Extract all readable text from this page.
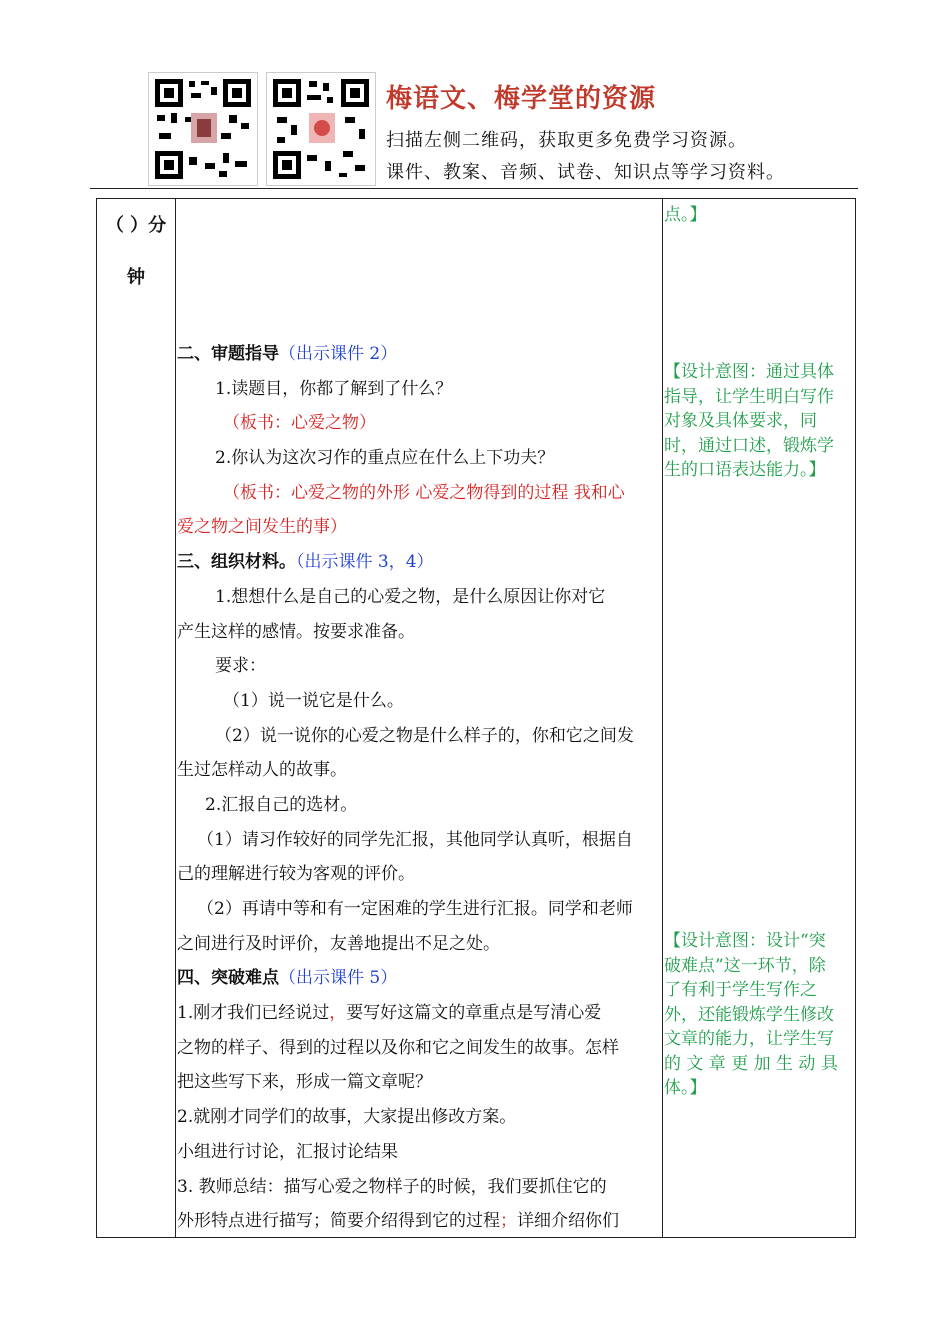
梅语文、梅学堂的资源
扫描左侧二维码，获取更多免费学习资源。
课件、教案、音频、试卷、知识点等学习资料。
（ ）分
钟
二、审题指导（出示课件 2）
1.读题目，你都了解到了什么？
（板书：心爱之物）
2.你认为这次习作的重点应在什么上下功夫？
（板书：心爱之物的外形 心爱之物得到的过程 我和心
爱之物之间发生的事）
三、组织材料。（出示课件 3，4）
1.想想什么是自己的心爱之物，是什么原因让你对它
产生这样的感情。按要求准备。
要求：
（1）说一说它是什么。
（2）说一说你的心爱之物是什么样子的，你和它之间发
生过怎样动人的故事。
2.汇报自己的选材。
（1）请习作较好的同学先汇报，其他同学认真听，根据自
己的理解进行较为客观的评价。
（2）再请中等和有一定困难的学生进行汇报。同学和老师
之间进行及时评价，友善地提出不足之处。
四、突破难点（出示课件 5）
1.刚才我们已经说过，要写好这篇文的章重点是写清心爱
之物的样子、得到的过程以及你和它之间发生的故事。怎样
把这些写下来，形成一篇文章呢？
2.就刚才同学们的故事，大家提出修改方案。
小组进行讨论，汇报讨论结果
3. 教师总结：描写心爱之物样子的时候，我们要抓住它的
外形特点进行描写；简要介绍得到它的过程；详细介绍你们
点。】
【设计意图：通过具体
指导，让学生明白写作
对象及具体要求，同
时，通过口述，锻炼学
生的口语表达能力。】
【设计意图：设计“突
破难点”这一环节，除
了有利于学生写作之
外，还能锻炼学生修改
文章的能力，让学生写
的 文 章 更 加 生 动 具
体。】
